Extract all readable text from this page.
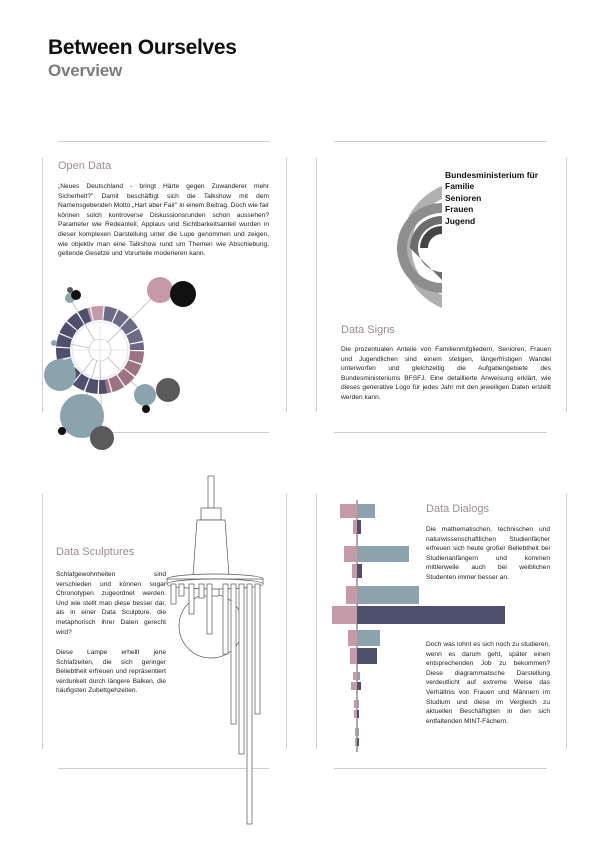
Between Ourselves
Overview
Open Data

„Neues Deutschland - bringt Härte gegen Zuwanderer mehr Sicherheit?" Damit beschäftigt sich die Talkshow mit dem Namensgebenden Motto „Hart aber Fair" in einem Beitrag. Doch wie fair können solch kontroverse Diskussionsrunden schon aussehen? Parameter wie Redeanteil, Applaus und Sichtbarkeitsanteil wurden in dieser komplexen Darstellung unter die Lupe genommen und zeigen, wie objektiv man eine Talkshow rund um Themen wie Abschiebung, geltende Gesetze und Vorurteile moderieren kann.

Bundesministerium für
Familie
Senioren
Frauen
Jugend
Data Signs

Die prozentualen Anteile von Familienmitgliedern, Senioren, Frauen und Jugendlichen sind einem stetigen, längerfristigen Wandel unterworfen und gleichzeitig die Aufgabengebiete des Bundesministeriums BFSFJ. Eine detaillierte Anweisung erklärt, wie dieses generative Logo für jedes Jahr mit den jeweiligen Daten erstellt werden kann.

Data Sculptures

Schlafgewohnheiten sind verschieden und können sogar Chronotypen zugeordnet werden. Und wie stellt man diese besser dar, als in einer Data Sculpture, die metaphorisch ihrer Daten gerecht wird?

Diese Lampe erhellt jene Schlafzeiten, die sich geringer Beliebtheit erfreuen und repräsentiert verdunkelt durch längere Balken, die häufigsten Zubettgehzeiten.

Data Dialogs

Die mathematischen, technischen und naturwissenschaftlichen Studienfächer erfreuen sich heute großer Beliebtheit bei Studienanfängern und kommen mittlerweile auch bei weiblichen Studenten immer besser an.

Doch was lohnt es sich noch zu studieren, wenn es darum geht, später einen entsprechenden Job zu bekommen? Diese diagrammatische Darstellung verdeutlicht auf extreme Weise das Verhältnis von Frauen und Männern im Studium und diese im Vergleich zu aktuellen Beschäftigten in den sich entfaltenden MINT-Fächern.
